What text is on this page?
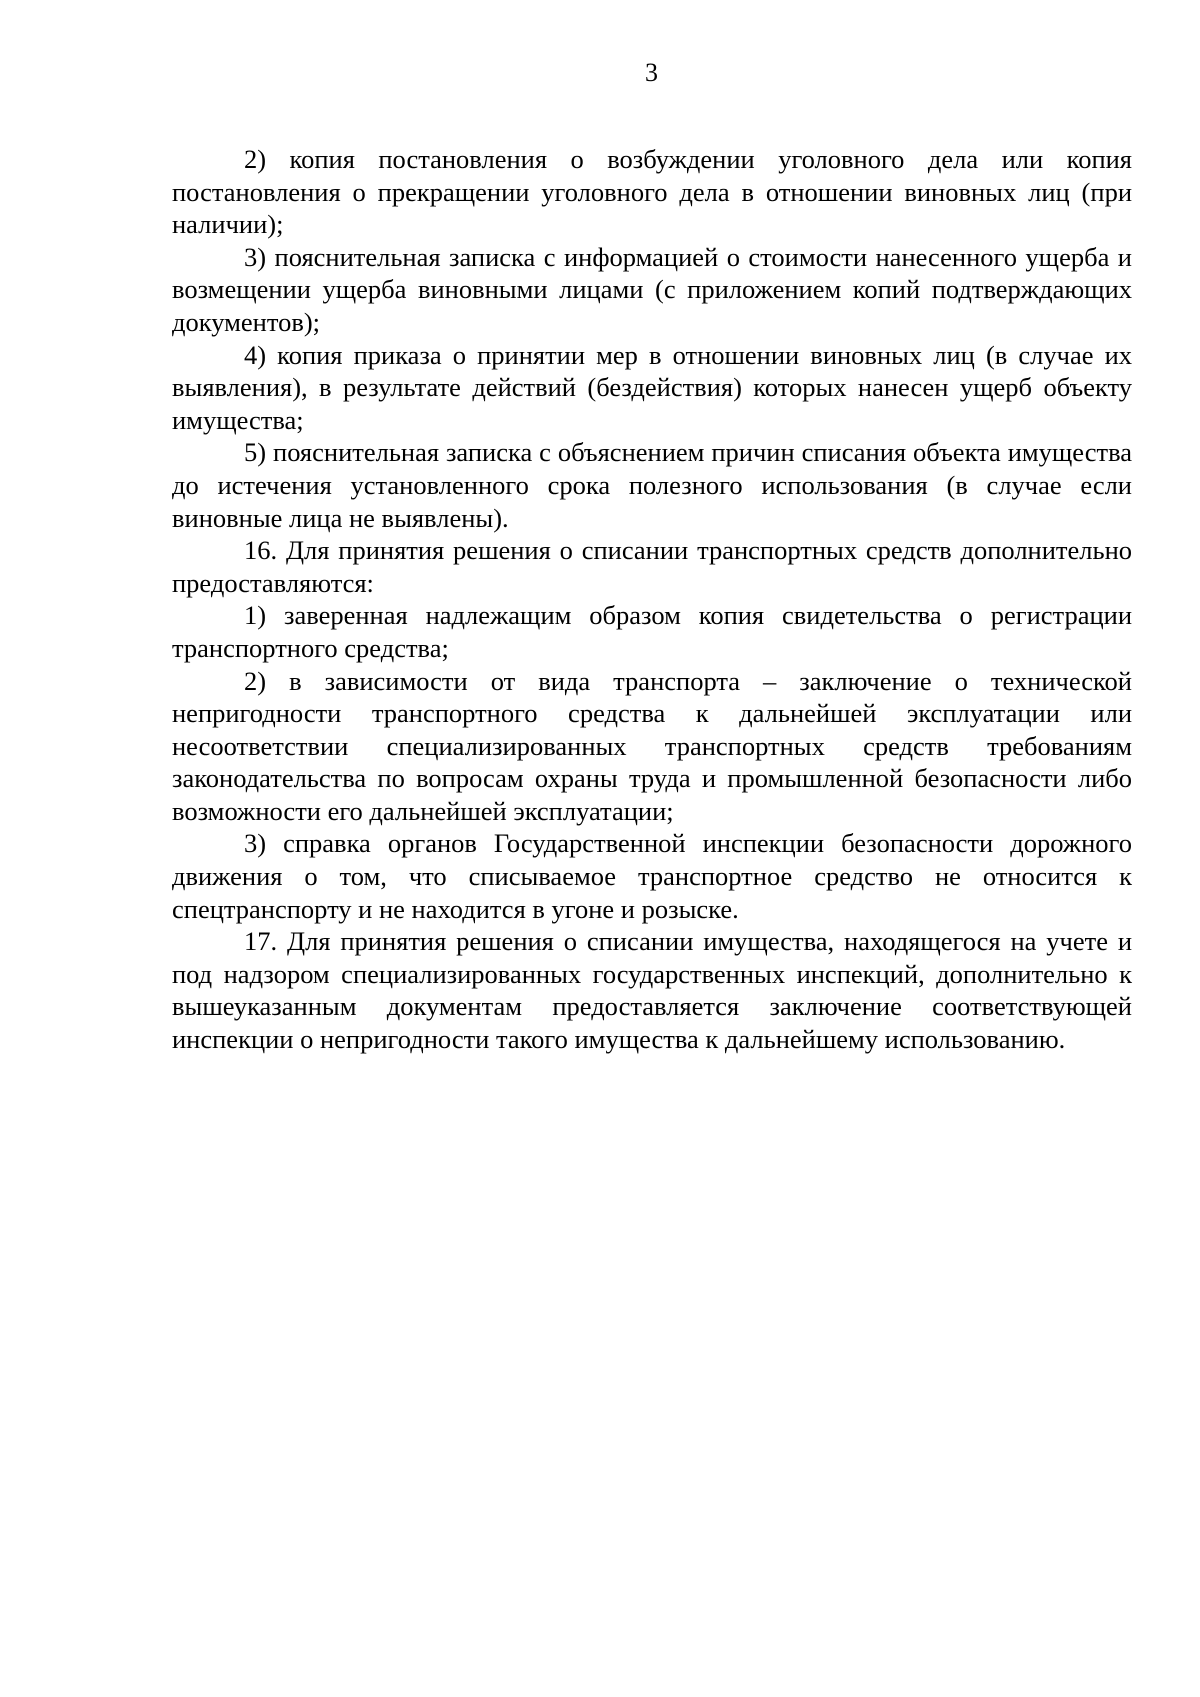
3

2) копия постановления о возбуждении уголовного дела или копия постановления о прекращении уголовного дела в отношении виновных лиц (при наличии);

3) пояснительная записка с информацией о стоимости нанесенного ущерба и возмещении ущерба виновными лицами (с приложением копий подтверждающих документов);

4) копия приказа о принятии мер в отношении виновных лиц (в случае их выявления), в результате действий (бездействия) которых нанесен ущерб объекту имущества;

5) пояснительная записка с объяснением причин списания объекта имущества до истечения установленного срока полезного использования (в случае если виновные лица не выявлены).

16. Для принятия решения о списании транспортных средств дополнительно предоставляются:

1) заверенная надлежащим образом копия свидетельства о регистрации транспортного средства;

2) в зависимости от вида транспорта – заключение о технической непригодности транспортного средства к дальнейшей эксплуатации или несоответствии специализированных транспортных средств требованиям законодательства по вопросам охраны труда и промышленной безопасности либо возможности его дальнейшей эксплуатации;

3) справка органов Государственной инспекции безопасности дорожного движения о том, что списываемое транспортное средство не относится к спецтранспорту и не находится в угоне и розыске.

17. Для принятия решения о списании имущества, находящегося на учете и под надзором специализированных государственных инспекций, дополнительно к вышеуказанным документам предоставляется заключение соответствующей инспекции о непригодности такого имущества к дальнейшему использованию.
